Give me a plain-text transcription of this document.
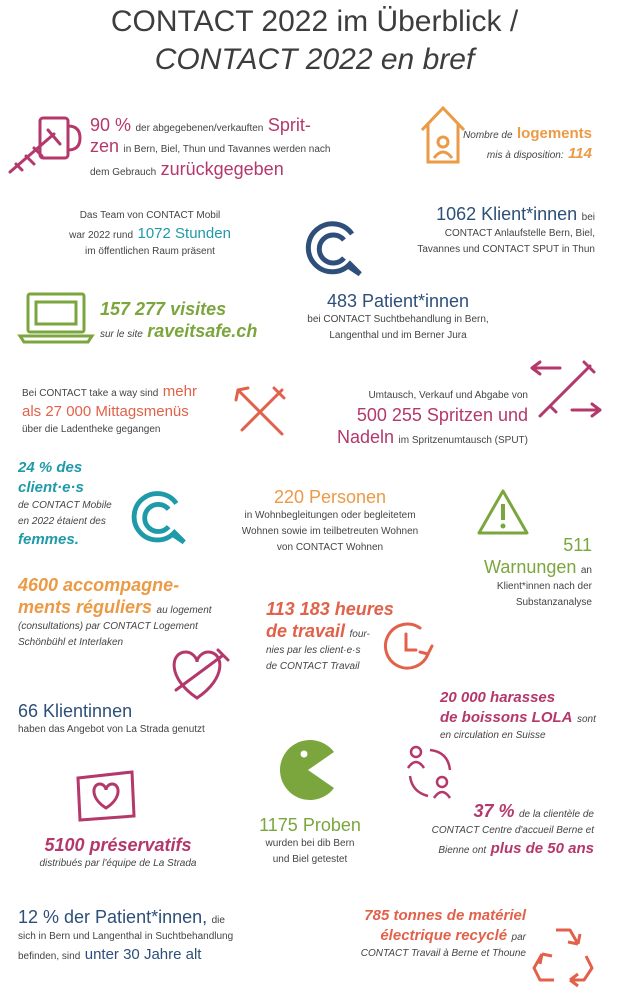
CONTACT 2022 im Überblick /
CONTACT 2022 en bref
90 % der abgegebenen/verkauften Sprit-
zen in Bern, Biel, Thun und Tavannes werden nach
dem Gebrauch zurückgegeben
Nombre de logements
mis à disposition: 114
Das Team von CONTACT Mobil
war 2022 rund 1072 Stunden
im öffentlichen Raum präsent
1062 Klient*innen bei
CONTACT Anlaufstelle Bern, Biel,
Tavannes und CONTACT SPUT in Thun
157 277 visites
sur le site raveitsafe.ch
483 Patient*innen
bei CONTACT Suchtbehandlung in Bern,
Langenthal und im Berner Jura
Bei CONTACT take a way sind mehr
als 27 000 Mittagsmenüs
über die Ladentheke gegangen
Umtausch, Verkauf und Abgabe von
500 255 Spritzen und
Nadeln im Spritzenumtausch (SPUT)
24 % des client·e·s
de CONTACT Mobile
en 2022 étaient des
femmes.
220 Personen
in Wohnbegleitungen oder begleitetem
Wohnen sowie im teilbetreuten Wohnen
von CONTACT Wohnen	511
Warnungen an
Klient*innen nach der
Substanzanalyse
4600 accompagne-
ments réguliers au logement
(consultations) par CONTACT Logement
Schönbühl et Interlaken
113 183 heures
de travail four-
nies par les client·e·s
de CONTACT Travail
66 Klientinnen
haben das Angebot von La Strada genutzt
20 000 harasses
de boissons LOLA sont
en circulation en Suisse
5100 préservatifs
distribués par l'équipe de La Strada
1175 Proben
wurden bei dib Bern
und Biel getestet
37 % de la clientèle de
CONTACT Centre d'accueil Berne et
Bienne ont plus de 50 ans
12 % der Patient*innen, die
sich in Bern und Langenthal in Suchtbehandlung
befinden, sind unter 30 Jahre alt
785 tonnes de matériel
électrique recyclé par
CONTACT Travail à Berne et Thoune
